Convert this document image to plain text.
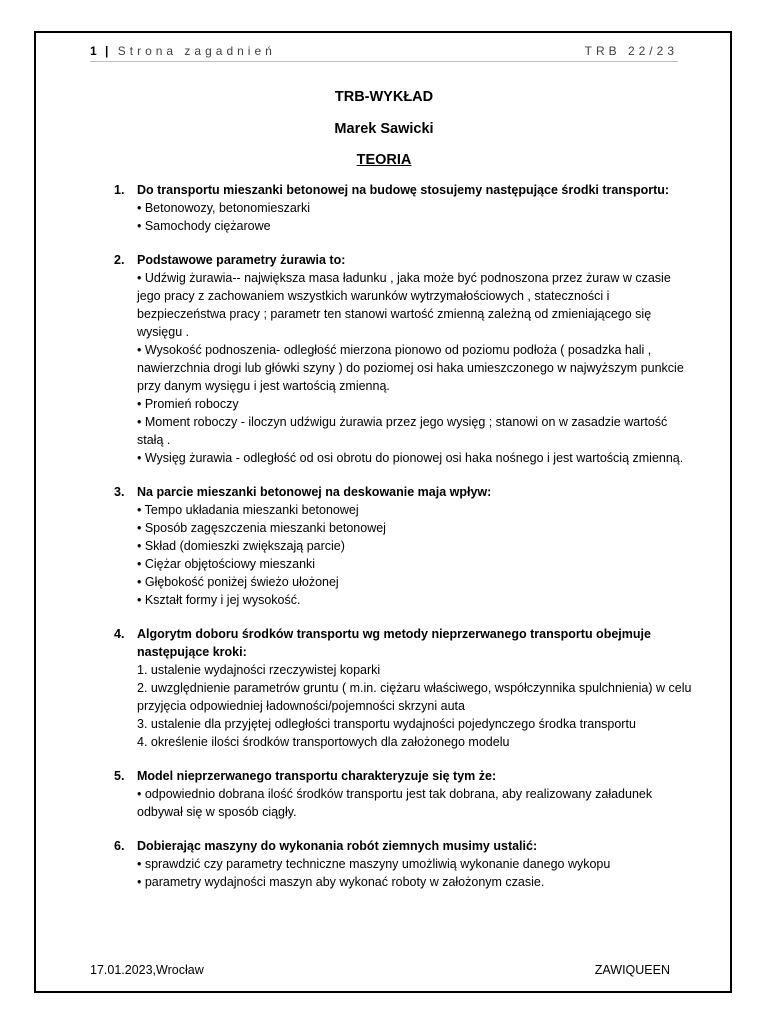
1 | Strona zagadnień	TRB 22/23
TRB-WYKŁAD
Marek Sawicki
TEORIA
1. Do transportu mieszanki betonowej na budowę stosujemy następujące środki transportu:
• Betonowozy, betonomieszarki
• Samochody ciężarowe
2. Podstawowe parametry żurawia to:
• Udźwig żurawia-- największa masa ładunku , jaka może być podnoszona przez żuraw w czasie jego pracy z zachowaniem wszystkich warunków wytrzymałościowych , stateczności i bezpieczeństwa pracy ; parametr ten stanowi wartość zmienną zależną od zmieniającego się wysięgu .
• Wysokość podnoszenia- odległość mierzona pionowo od poziomu podłoża ( posadzka hali , nawierzchnia drogi lub główki szyny ) do poziomej osi haka umieszczonego w najwyższym punkcie przy danym wysięgu i jest wartością zmienną.
• Promień roboczy
• Moment roboczy - iloczyn udźwigu żurawia przez jego wysięg ; stanowi on w zasadzie wartość stałą .
• Wysięg żurawia - odległość od osi obrotu do pionowej osi haka nośnego i jest wartością zmienną.
3. Na parcie mieszanki betonowej na deskowanie maja wpływ:
• Tempo układania mieszanki betonowej
• Sposób zagęszczenia mieszanki betonowej
• Skład (domieszki zwiększają parcie)
• Ciężar objętościowy mieszanki
• Głębokość poniżej świeżo ułożonej
• Kształt formy i jej wysokość.
4. Algorytm doboru środków transportu wg metody nieprzerwanego transportu obejmuje następujące kroki:
1. ustalenie wydajności rzeczywistej koparki
2. uwzględnienie parametrów gruntu ( m.in. ciężaru właściwego, współczynnika spulchnienia) w celu przyjęcia odpowiedniej ładowności/pojemności skrzyni auta
3. ustalenie dla przyjętej odległości transportu wydajności pojedynczego środka transportu
4. określenie ilości środków transportowych dla założonego modelu
5. Model nieprzerwanego transportu charakteryzuje się tym że:
• odpowiednio dobrana ilość środków transportu jest tak dobrana, aby realizowany załadunek odbywał się w sposób ciągły.
6. Dobierając maszyny do wykonania robót ziemnych musimy ustalić:
• sprawdzić czy parametry techniczne maszyny umożliwią wykonanie danego wykopu
• parametry wydajności maszyn aby wykonać roboty w założonym czasie.
17.01.2023,Wrocław	ZAWIQUEEN
